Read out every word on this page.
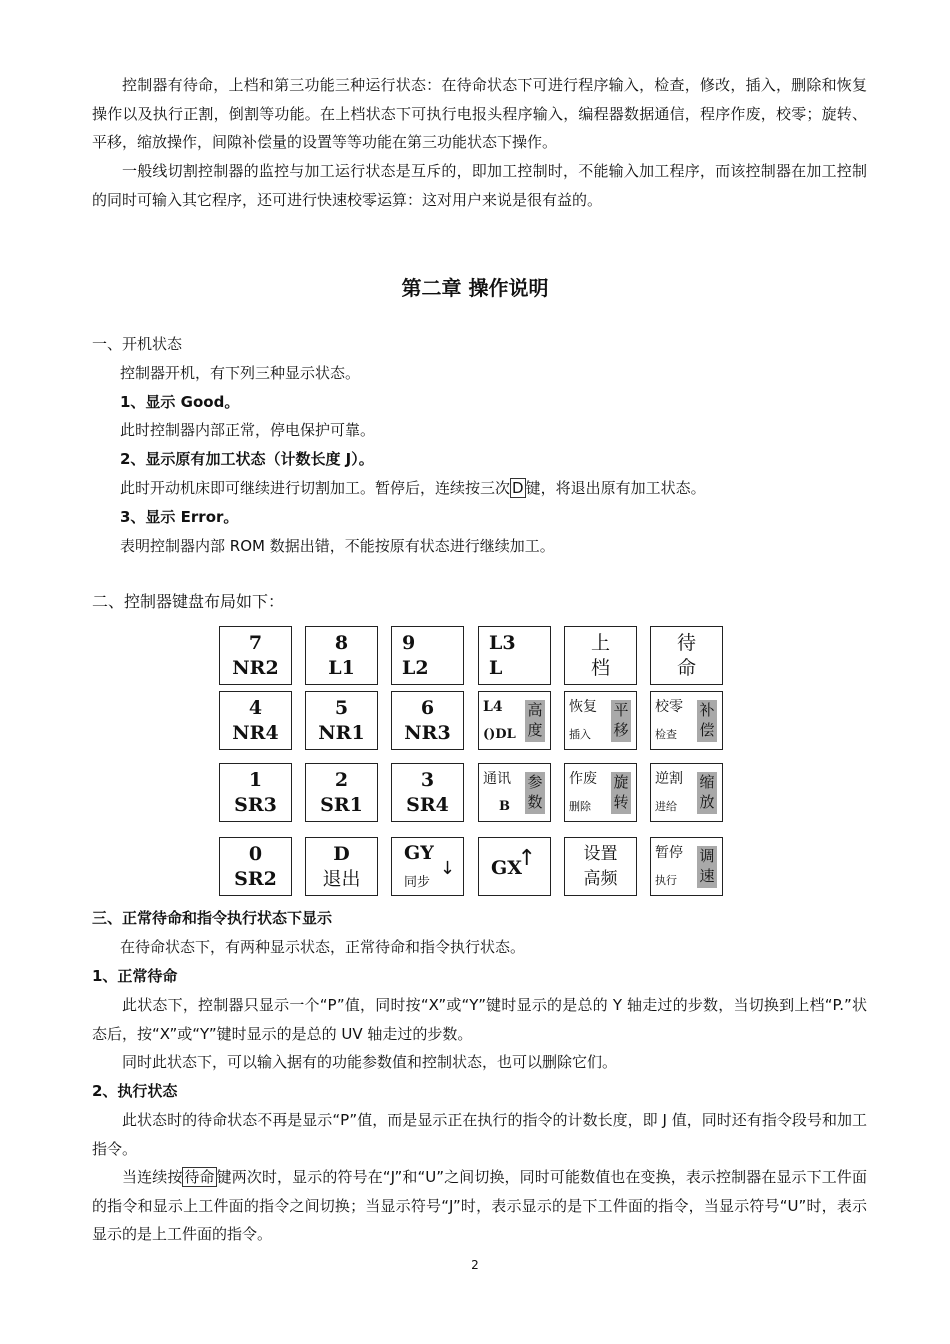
控制器有待命，上档和第三功能三种运行状态：在待命状态下可进行程序输入，检查，修改，插入，删除和恢复操作以及执行正割，倒割等功能。在上档状态下可执行电报头程序输入，编程器数据通信，程序作废，校零；旋转、平移，缩放操作，间隙补偿量的设置等等功能在第三功能状态下操作。
一般线切割控制器的监控与加工运行状态是互斥的，即加工控制时，不能输入加工程序，而该控制器在加工控制的同时可输入其它程序，还可进行快速校零运算：这对用户来说是很有益的。
第二章 操作说明
一、开机状态
控制器开机，有下列三种显示状态。
1、显示 Good。
此时控制器内部正常，停电保护可靠。
2、显示原有加工状态（计数长度 J）。
此时开动机床即可继续进行切割加工。暂停后，连续按三次 D 键，将退出原有加工状态。
3、显示 Error。
表明控制器内部 ROM 数据出错，不能按原有状态进行继续加工。
二、控制器键盘布局如下：
7
NR2
8
L1
9
L2
L3
L
上
档
待
命
4
NR4
5
NR1
6
NR3
L4
()DL
高
度
恢复
插入
平
移
校零
检查
补
偿
1
SR3
2
SR1
3
SR4
通讯
B
参
数
作废
删除
旋
转
逆割
进给
缩
放
0
SR2
D
退出
GY
同步
↓ GX
↑	设置
高频
暂停
执行
调
速
三、正常待命和指令执行状态下显示
在待命状态下，有两种显示状态，正常待命和指令执行状态。
1、正常待命
此状态下，控制器只显示一个“P”值，同时按“X”或“Y”键时显示的是总的 Y 轴走过的步数，当切换到上档“P.”状态后，按“X”或“Y”键时显示的是总的 UV 轴走过的步数。
同时此状态下，可以输入据有的功能参数值和控制状态，也可以删除它们。
2、执行状态
此状态时的待命状态不再是显示“P”值，而是显示正在执行的指令的计数长度，即 J 值，同时还有指令段号和加工指令。
当连续按 待命 键两次时，显示的符号在“J”和“U”之间切换，同时可能数值也在变换，表示控制器在显示下工件面的指令和显示上工件面的指令之间切换；当显示符号“J”时，表示显示的是下工件面的指令，当显示符号“U”时，表示显示的是上工件面的指令。
2
